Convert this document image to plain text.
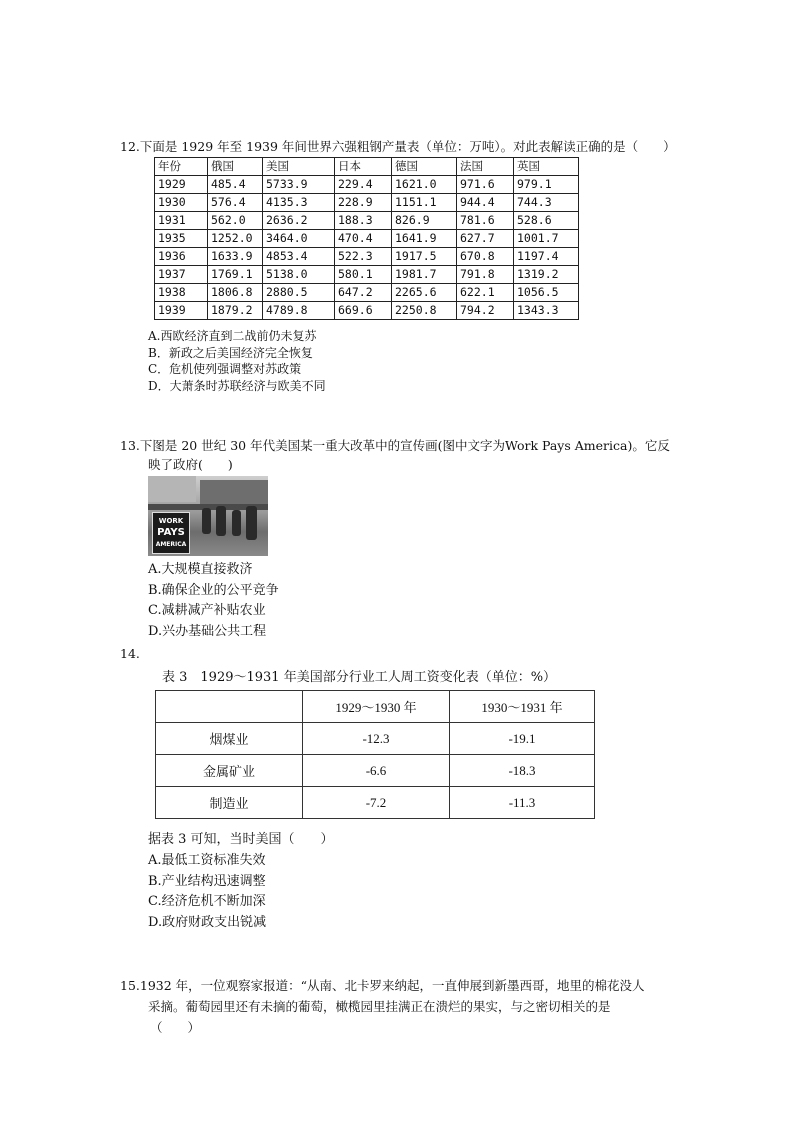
12.下面是 1929 年至 1939 年间世界六强粗钢产量表（单位：万吨）。对此表解读正确的是（　　）
年份	俄国	美国	日本	德国	法国	英国
1929	485.4	5733.9	229.4	1621.0	971.6	979.1
1930	576.4	4135.3	228.9	1151.1	944.4	744.3
1931	562.0	2636.2	188.3	826.9	781.6	528.6
1935	1252.0	3464.0	470.4	1641.9	627.7	1001.7
1936	1633.9	4853.4	522.3	1917.5	670.8	1197.4
1937	1769.1	5138.0	580.1	1981.7	791.8	1319.2
1938	1806.8	2880.5	647.2	2265.6	622.1	1056.5
1939	1879.2	4789.8	669.6	2250.8	794.2	1343.3
A.西欧经济直到二战前仍未复苏
B．新政之后美国经济完全恢复
C．危机使列强调整对苏政策
D．大萧条时苏联经济与欧美不同
13.下图是 20 世纪 30 年代美国某一重大改革中的宣传画(图中文字为Work Pays America)。它反
映了政府(　　)
WORK
PAYS
AMERICA
A.大规模直接救济
B.确保企业的公平竞争
C.减耕减产补贴农业
D.兴办基础公共工程
14.
表 3　1929～1931 年美国部分行业工人周工资变化表（单位：%）
	1929～1930 年	1930～1931 年
烟煤业	-12.3	-19.1
金属矿业	-6.6	-18.3
制造业	-7.2	-11.3
据表 3 可知，当时美国（　　）
A.最低工资标准失效
B.产业结构迅速调整
C.经济危机不断加深
D.政府财政支出锐减
15.1932 年，一位观察家报道：“从南、北卡罗来纳起，一直伸展到新墨西哥，地里的棉花没人
采摘。葡萄园里还有未摘的葡萄，橄榄园里挂满正在溃烂的果实，与之密切相关的是
（　　）
